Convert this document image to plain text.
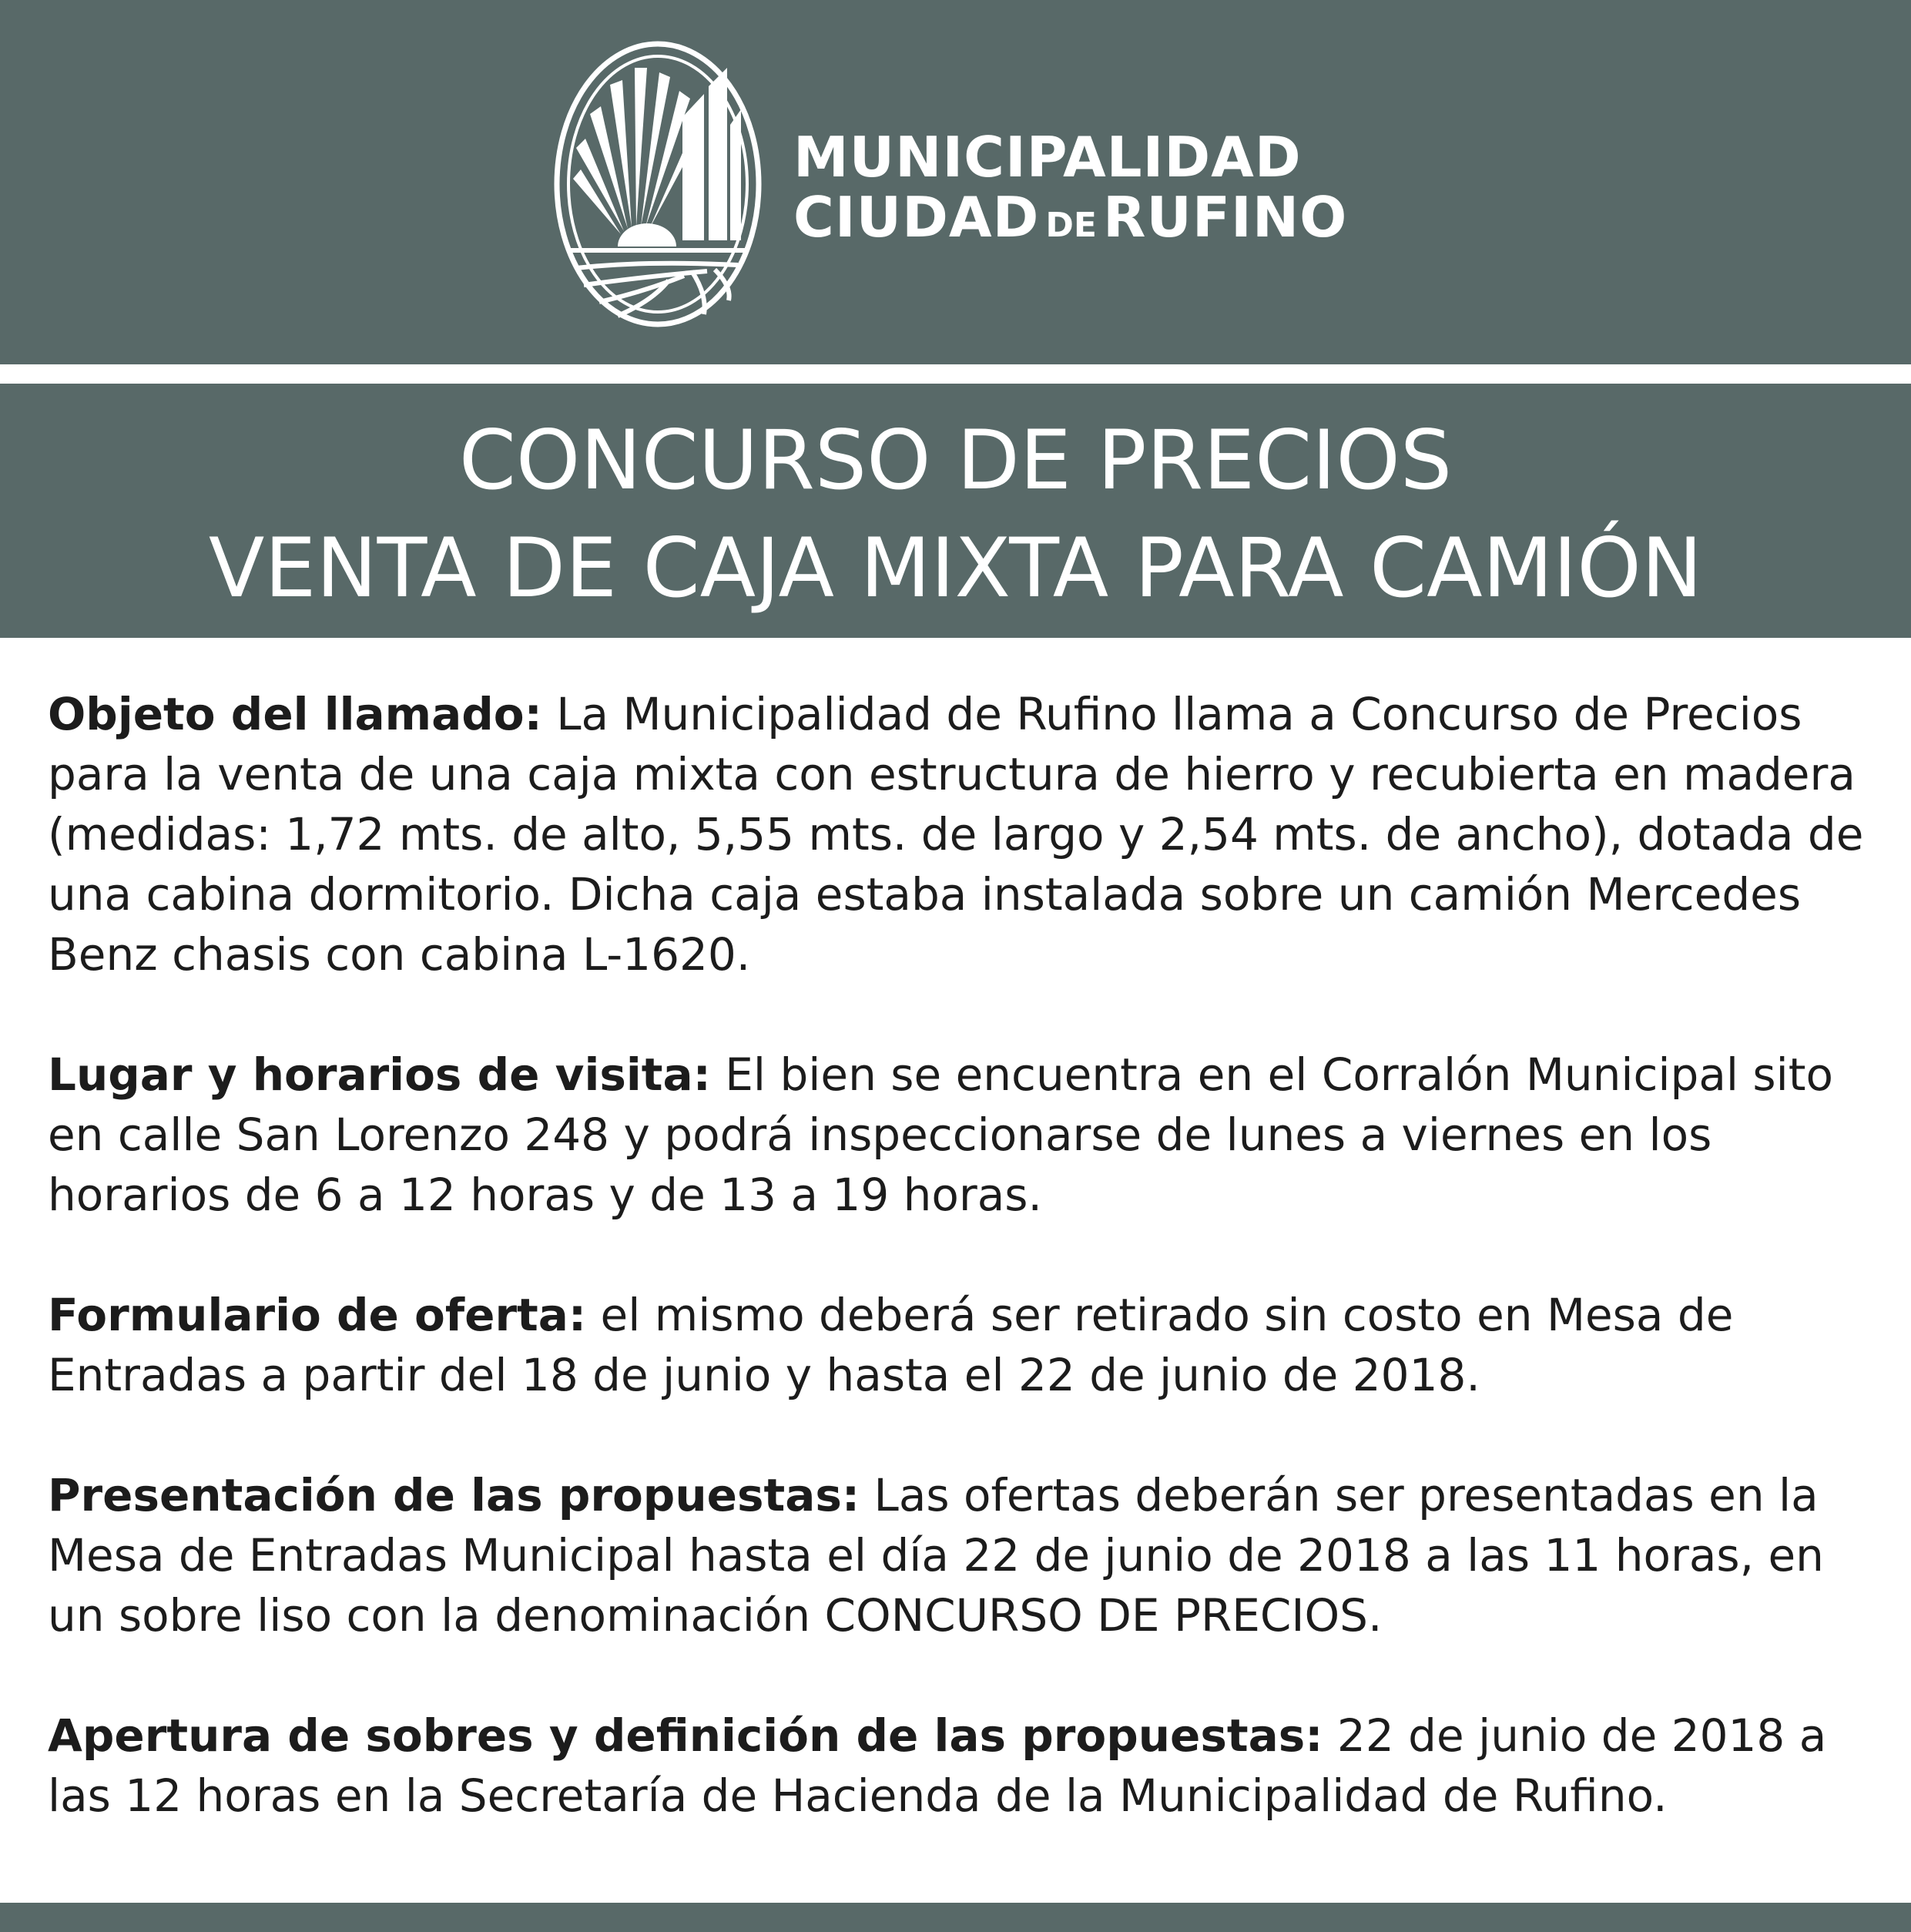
MUNICIPALIDAD
CIUDAD DE RUFINO
CONCURSO DE PRECIOS
VENTA DE CAJA MIXTA PARA CAMIÓN

Objeto del llamado: La Municipalidad de Rufino llama a Concurso de Precios para la venta de una caja mixta con estructura de hierro y recubierta en madera (medidas: 1,72 mts. de alto, 5,55 mts. de largo y 2,54 mts. de ancho), dotada de una cabina dormitorio. Dicha caja estaba instalada sobre un camión Mercedes Benz chasis con cabina L-1620.

Lugar y horarios de visita: El bien se encuentra en el Corralón Municipal sito en calle San Lorenzo 248 y podrá inspeccionarse de lunes a viernes en los horarios de 6 a 12 horas y de 13 a 19 horas.

Formulario de oferta: el mismo deberá ser retirado sin costo en Mesa de Entradas a partir del 18 de junio y hasta el 22 de junio de 2018.

Presentación de las propuestas: Las ofertas deberán ser presentadas en la Mesa de Entradas Municipal hasta el día 22 de junio de 2018 a las 11 horas, en un sobre liso con la denominación CONCURSO DE PRECIOS.

Apertura de sobres y definición de las propuestas: 22 de junio de 2018 a las 12 horas en la Secretaría de Hacienda de la Municipalidad de Rufino.
